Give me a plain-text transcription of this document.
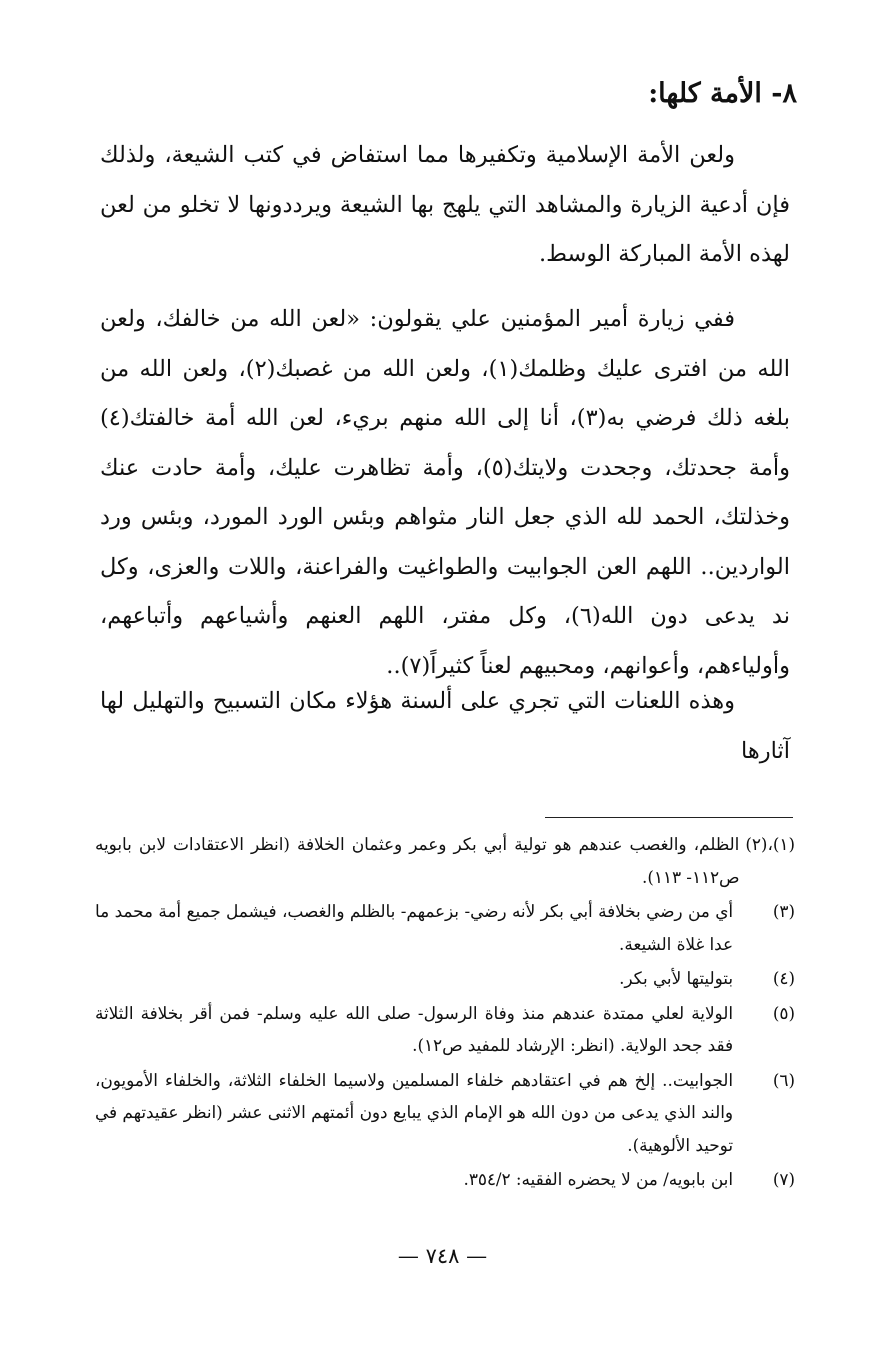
٨- الأمة كلها:

ولعن الأمة الإسلامية وتكفيرها مما استفاض في كتب الشيعة، ولذلك فإن أدعية الزيارة والمشاهد التي يلهج بها الشيعة ويرددونها لا تخلو من لعن لهذه الأمة المباركة الوسط.

ففي زيارة أمير المؤمنين علي يقولون: «لعن الله من خالفك، ولعن الله من افترى عليك وظلمك(١)، ولعن الله من غصبك(٢)، ولعن الله من بلغه ذلك فرضي به(٣)، أنا إلى الله منهم بريء، لعن الله أمة خالفتك(٤) وأمة جحدتك، وجحدت ولايتك(٥)، وأمة تظاهرت عليك، وأمة حادت عنك وخذلتك، الحمد لله الذي جعل النار مثواهم وبئس الورد المورد، وبئس ورد الواردين.. اللهم العن الجوابيت والطواغيت والفراعنة، واللات والعزى، وكل ند يدعى دون الله(٦)، وكل مفتر، اللهم العنهم وأشياعهم وأتباعهم، وأولياءهم، وأعوانهم، ومحبيهم لعناً كثيراً(٧)..

وهذه اللعنات التي تجري على ألسنة هؤلاء مكان التسبيح والتهليل لها آثارها

(١)،(٢)
الظلم، والغصب عندهم هو تولية أبي بكر وعمر وعثمان الخلافة (انظر الاعتقادات لابن بابويه ص١١٢- ١١٣).
(٣)
أي من رضي بخلافة أبي بكر لأنه رضي- بزعمهم- بالظلم والغصب، فيشمل جميع أمة محمد ما عدا غلاة الشيعة.
(٤)
بتوليتها لأبي بكر.
(٥)
الولاية لعلي ممتدة عندهم منذ وفاة الرسول- صلى الله عليه وسلم- فمن أقر بخلافة الثلاثة فقد جحد الولاية. (انظر: الإرشاد للمفيد ص١٢).
(٦)
الجوابيت.. إلخ هم في اعتقادهم خلفاء المسلمين ولاسيما الخلفاء الثلاثة، والخلفاء الأمويون، والند الذي يدعى من دون الله هو الإمام الذي يبايع دون أئمتهم الاثنى عشر (انظر عقيدتهم في توحيد الألوهية).
(٧)
ابن بابويه/ من لا يحضره الفقيه: ٣٥٤/٢.
— ٧٤٨ —
